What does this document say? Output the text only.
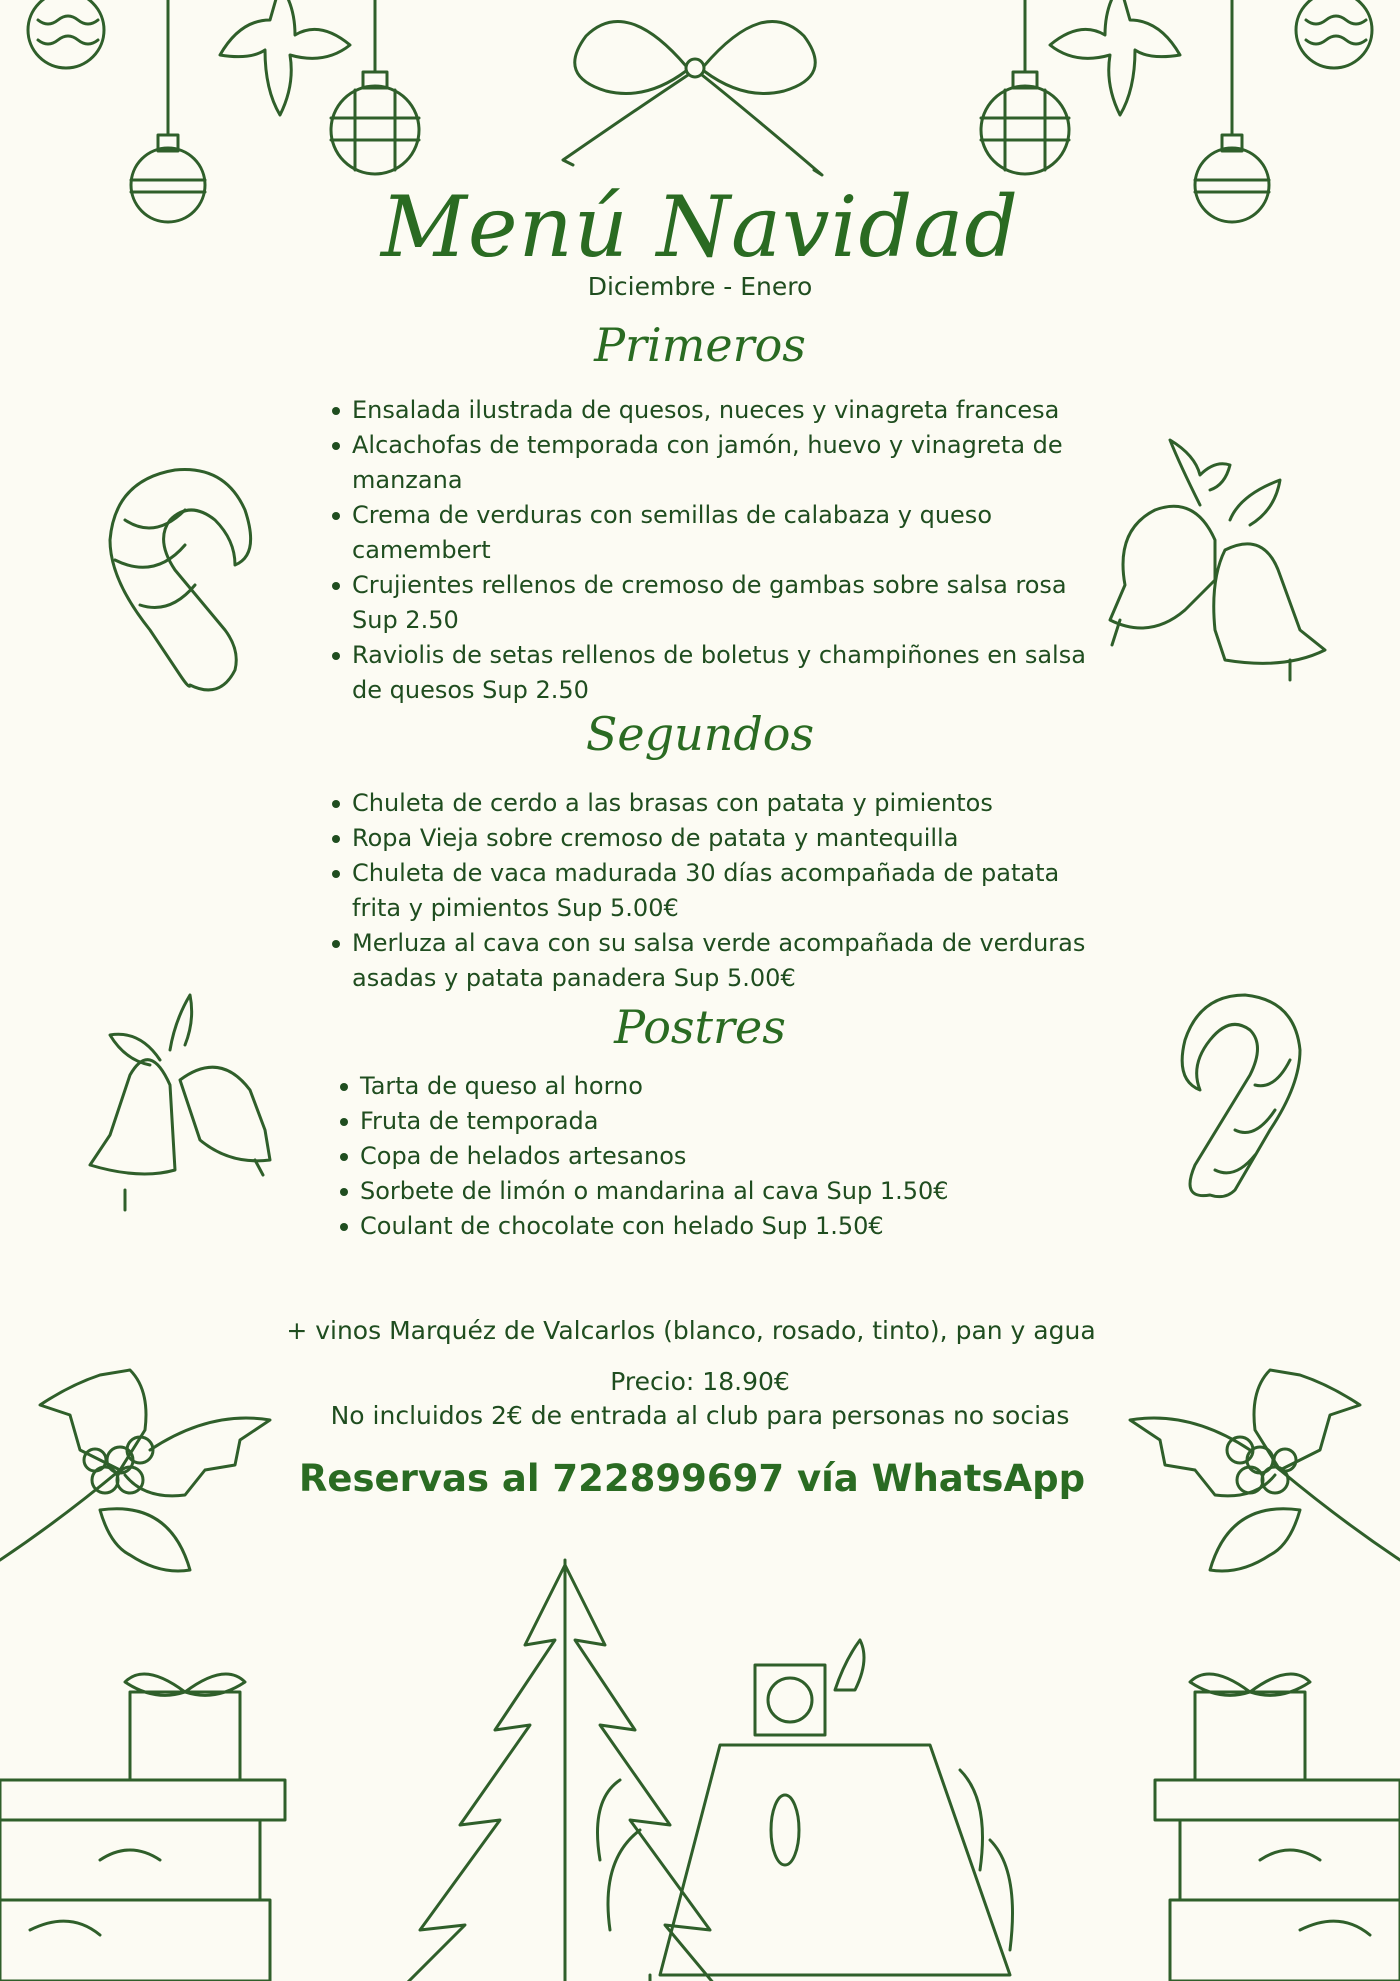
Menú Navidad
Diciembre - Enero
Primeros
Ensalada ilustrada de quesos, nueces y vinagreta francesa
Alcachofas de temporada con jamón, huevo y vinagreta de manzana
Crema de verduras con semillas de calabaza y queso camembert
Crujientes rellenos de cremoso de gambas sobre salsa rosa Sup 2.50
Raviolis de setas rellenos de boletus y champiñones en salsa de quesos Sup 2.50
Segundos
Chuleta de cerdo a las brasas con patata y pimientos
Ropa Vieja sobre cremoso de patata y mantequilla
Chuleta de vaca madurada 30 días acompañada de patata frita y pimientos Sup 5.00€
Merluza al cava con su salsa verde acompañada de verduras asadas y patata panadera Sup 5.00€
Postres
Tarta de queso al horno
Fruta de temporada
Copa de helados artesanos
Sorbete de limón o mandarina al cava Sup 1.50€
Coulant de chocolate con helado Sup 1.50€
+ vinos Marquéz de Valcarlos (blanco, rosado, tinto), pan y agua
Precio: 18.90€
No incluidos 2€ de entrada al club para personas no socias
Reservas al 722899697 vía WhatsApp
